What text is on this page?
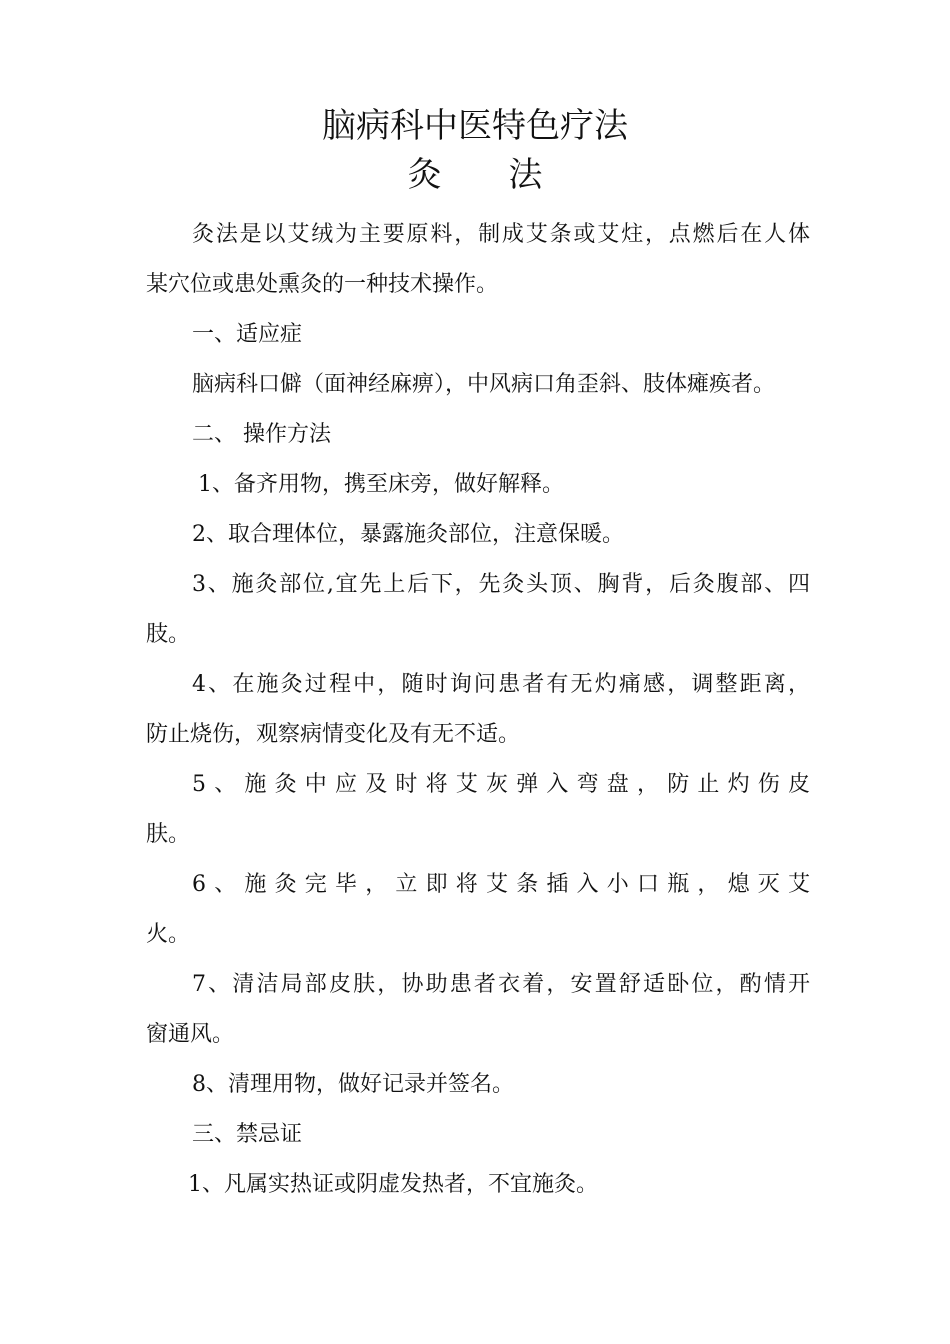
脑病科中医特色疗法
灸 法

灸法是以艾绒为主要原料，制成艾条或艾炷，点燃后在人体

某穴位或患处熏灸的一种技术操作。

一、适应症

脑病科口僻（面神经麻痹），中风病口角歪斜、肢体瘫痪者。

二、 操作方法

1、备齐用物，携至床旁，做好解释。

2、取合理体位，暴露施灸部位，注意保暖。

3、施灸部位,宜先上后下，先灸头顶、胸背，后灸腹部、四

肢。

4、在施灸过程中，随时询问患者有无灼痛感，调整距离，

防止烧伤，观察病情变化及有无不适。

5、施灸中应及时将艾灰弹入弯盘，防止灼伤皮

肤。

6、施灸完毕，立即将艾条插入小口瓶，熄灭艾

火。

7、清洁局部皮肤，协助患者衣着，安置舒适卧位，酌情开

窗通风。

8、清理用物，做好记录并签名。

三、禁忌证

1、凡属实热证或阴虚发热者，不宜施灸。
